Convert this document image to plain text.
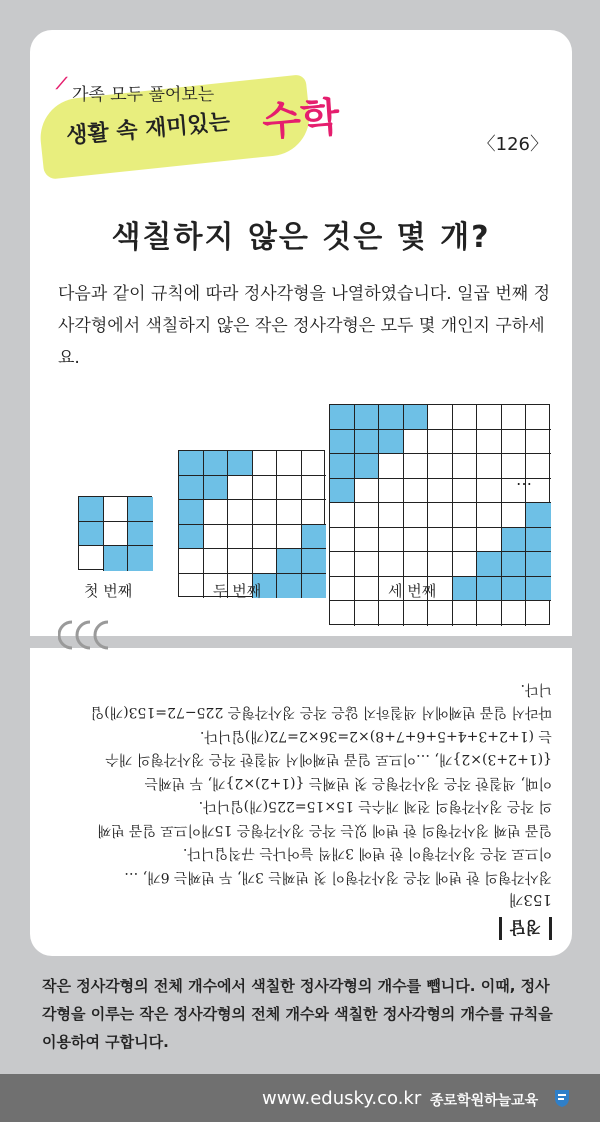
⟋
가족 모두 풀어보는
생활 속 재미있는 수학	〈126〉
색칠하지 않은 것은 몇 개?
다음과 같이 규칙에 따라 정사각형을 나열하였습니다. 일곱 번째 정사각형에서 색칠하지 않은 작은 정사각형은 모두 몇 개인지 구하세요.
첫 번째	두 번째	세 번째
…
정답
153개
정사각형의 한 변에 작은 정사각형이 첫 번째는 3개, 두 번째는 6개, …
이므로 작은 정사각형이 한 변에 3개씩 늘어나는 규칙입니다.
일곱 번째 정사각형의 한 변에 있는 작은 정사각형은 15개이므로 일곱 번째
의 작은 정사각형의 전체 개수는 15×15=225(개)입니다.
이때, 색칠한 작은 정사각형은 첫 번째는 {(1+2)×2}개, 두 번째는
{(1+2+3)×2}개, …이므로 일곱 번째에서 색칠한 작은 정사각형의 개수
는 (1+2+3+4+5+6+7+8)×2=36×2=72(개)입니다.
따라서 일곱 번째에서 색칠하지 않은 작은 정사각형은 225−72=153(개)입
니다.
작은 정사각형의 전체 개수에서 색칠한 정사각형의 개수를 뺍니다. 이때, 정사각형을 이루는 작은 정사각형의 전체 개수와 색칠한 정사각형의 개수를 규칙을 이용하여 구합니다.
www.edusky.co.kr 종로학원하늘교육
